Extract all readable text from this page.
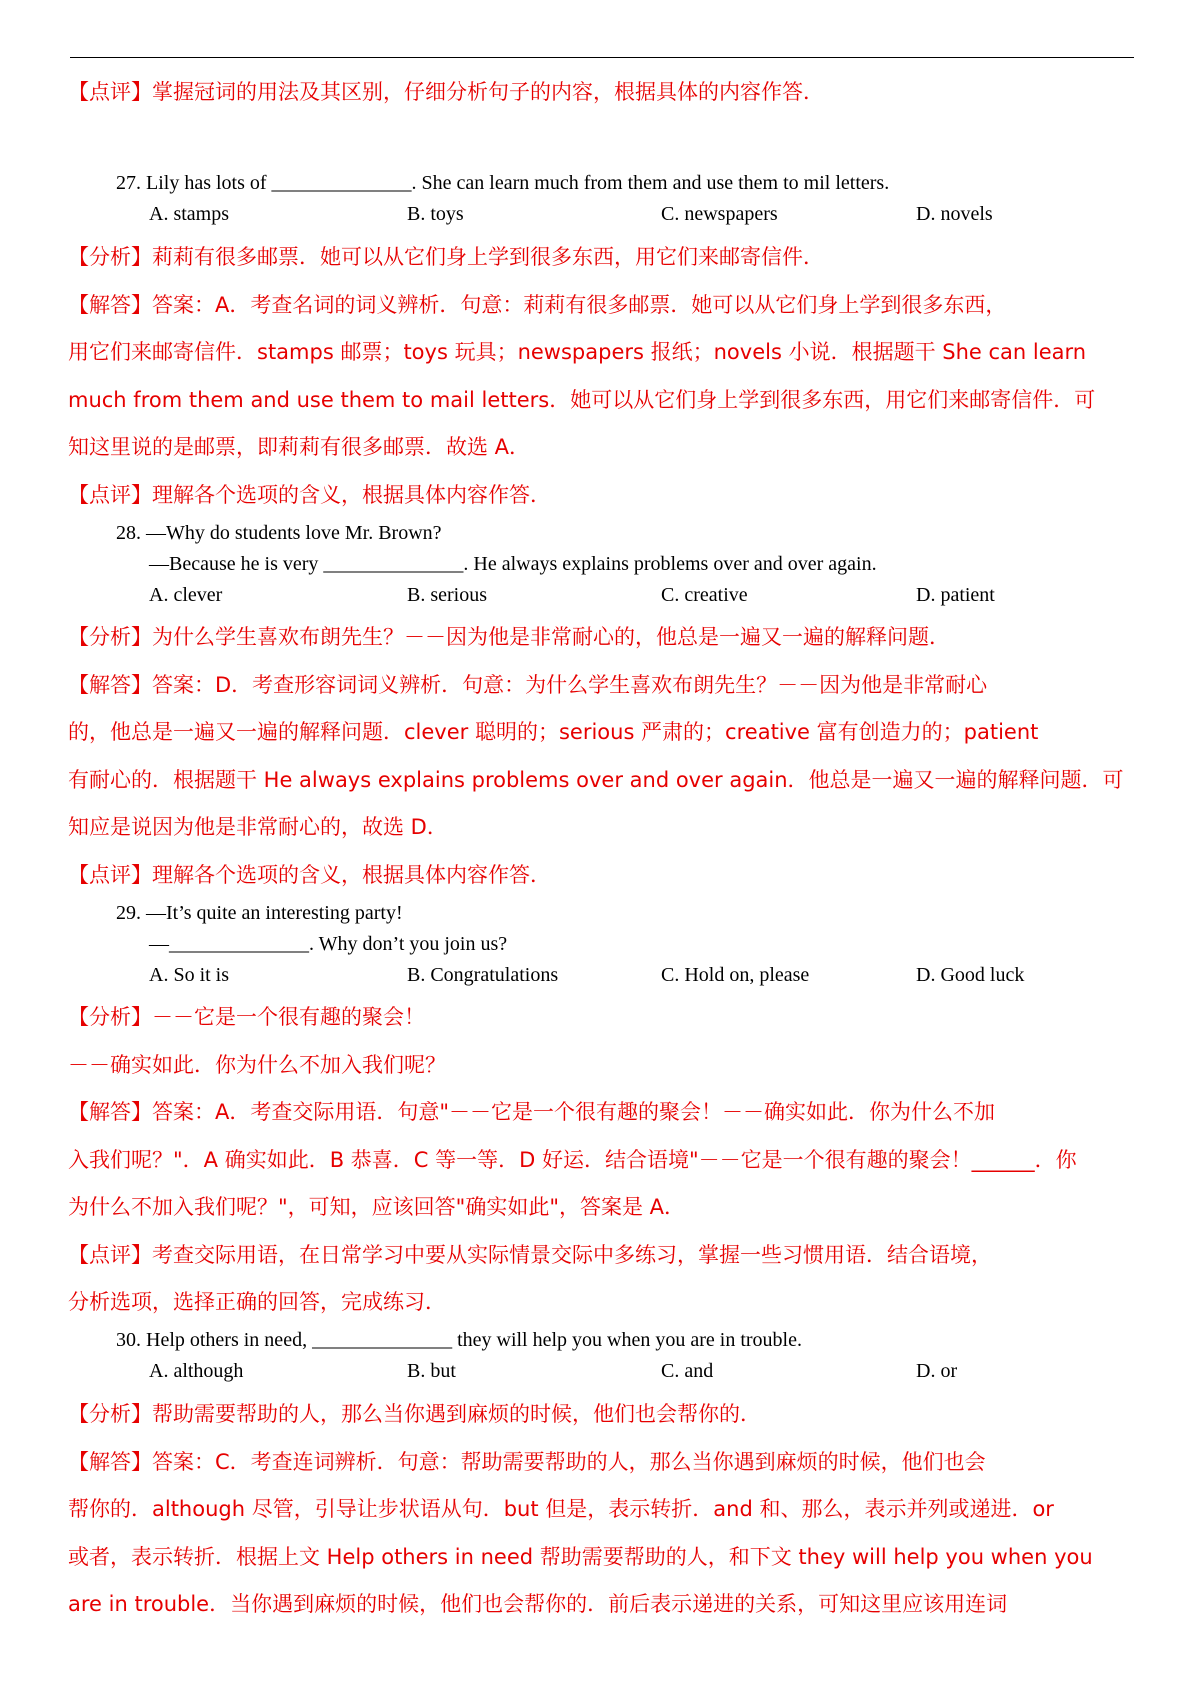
【点评】掌握冠词的用法及其区别，仔细分析句子的内容，根据具体的内容作答．
27. Lily has lots of ______________. She can learn much from them and use them to mil letters.
A. stamps	B. toys	C. newspapers	D. novels
【分析】莉莉有很多邮票．她可以从它们身上学到很多东西，用它们来邮寄信件．
【解答】答案：A．考查名词的词义辨析．句意：莉莉有很多邮票．她可以从它们身上学到很多东西，
用它们来邮寄信件．stamps 邮票；toys 玩具；newspapers 报纸；novels 小说．根据题干 She can learn
much from them and use them to mail letters．她可以从它们身上学到很多东西，用它们来邮寄信件．可
知这里说的是邮票，即莉莉有很多邮票．故选 A．
【点评】理解各个选项的含义，根据具体内容作答．
28. —Why do students love Mr. Brown?
—Because he is very ______________. He always explains problems over and over again.
A. clever	B. serious	C. creative	D. patient
【分析】为什么学生喜欢布朗先生？－－因为他是非常耐心的，他总是一遍又一遍的解释问题．
【解答】答案：D．考查形容词词义辨析．句意：为什么学生喜欢布朗先生？－－因为他是非常耐心
的，他总是一遍又一遍的解释问题．clever 聪明的；serious 严肃的；creative 富有创造力的；patient
有耐心的．根据题干 He always explains problems over and over again．他总是一遍又一遍的解释问题．可
知应是说因为他是非常耐心的，故选 D．
【点评】理解各个选项的含义，根据具体内容作答．
29. —It’s quite an interesting party!
—______________. Why don’t you join us?
A. So it is	B. Congratulations	C. Hold on, please	D. Good luck
【分析】－－它是一个很有趣的聚会！
－－确实如此．你为什么不加入我们呢？
【解答】答案：A．考查交际用语．句意"－－它是一个很有趣的聚会！－－确实如此．你为什么不加
入我们呢？"．A 确实如此．B 恭喜．C 等一等．D 好运．结合语境"－－它是一个很有趣的聚会！______．你
为什么不加入我们呢？"，可知，应该回答"确实如此"，答案是 A．
【点评】考查交际用语，在日常学习中要从实际情景交际中多练习，掌握一些习惯用语．结合语境，
分析选项，选择正确的回答，完成练习．
30. Help others in need, ______________ they will help you when you are in trouble.
A. although	B. but	C. and	D. or
【分析】帮助需要帮助的人，那么当你遇到麻烦的时候，他们也会帮你的．
【解答】答案：C．考查连词辨析．句意：帮助需要帮助的人，那么当你遇到麻烦的时候，他们也会
帮你的．although 尽管，引导让步状语从句．but 但是，表示转折．and 和、那么，表示并列或递进．or
或者，表示转折．根据上文 Help others in need 帮助需要帮助的人，和下文 they will help you when you
are in trouble．当你遇到麻烦的时候，他们也会帮你的．前后表示递进的关系，可知这里应该用连词
